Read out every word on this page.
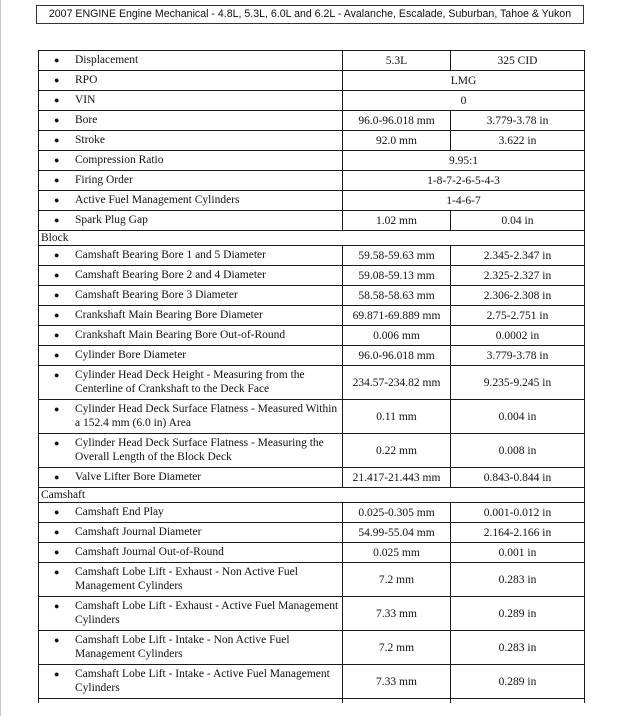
2007 ENGINE Engine Mechanical - 4.8L, 5.3L, 6.0L and 6.2L - Avalanche, Escalade, Suburban, Tahoe & Yukon
● Displacement	5.3L	325 CID

● RPO	LMG	

● VIN	0	

● Bore	96.0-96.018 mm	3.779-3.78 in

● Stroke	92.0 mm	3.622 in

● Compression Ratio	9.95:1	

● Firing Order	1-8-7-2-6-5-4-3	

● Active Fuel Management Cylinders	1-4-6-7	

● Spark Plug Gap	1.02 mm	0.04 in
Block		

● Camshaft Bearing Bore 1 and 5 Diameter	59.58-59.63 mm	2.345-2.347 in

● Camshaft Bearing Bore 2 and 4 Diameter	59.08-59.13 mm	2.325-2.327 in

● Camshaft Bearing Bore 3 Diameter	58.58-58.63 mm	2.306-2.308 in

● Crankshaft Main Bearing Bore Diameter	69.871-69.889 mm	2.75-2.751 in

● Crankshaft Main Bearing Bore Out-of-Round	0.006 mm	0.0002 in

● Cylinder Bore Diameter	96.0-96.018 mm	3.779-3.78 in

● Cylinder Head Deck Height - Measuring from the Centerline of Crankshaft to the Deck Face	234.57-234.82 mm	9.235-9.245 in

● Cylinder Head Deck Surface Flatness - Measured Within a 152.4 mm (6.0 in) Area	0.11 mm	0.004 in

● Cylinder Head Deck Surface Flatness - Measuring the Overall Length of the Block Deck	0.22 mm	0.008 in

● Valve Lifter Bore Diameter	21.417-21.443 mm	0.843-0.844 in
Camshaft		

● Camshaft End Play	0.025-0.305 mm	0.001-0.012 in

● Camshaft Journal Diameter	54.99-55.04 mm	2.164-2.166 in

● Camshaft Journal Out-of-Round	0.025 mm	0.001 in

● Camshaft Lobe Lift - Exhaust - Non Active Fuel Management Cylinders	7.2 mm	0.283 in

● Camshaft Lobe Lift - Exhaust - Active Fuel Management Cylinders	7.33 mm	0.289 in

● Camshaft Lobe Lift - Intake - Non Active Fuel Management Cylinders	7.2 mm	0.283 in

● Camshaft Lobe Lift - Intake - Active Fuel Management Cylinders	7.33 mm	0.289 in
